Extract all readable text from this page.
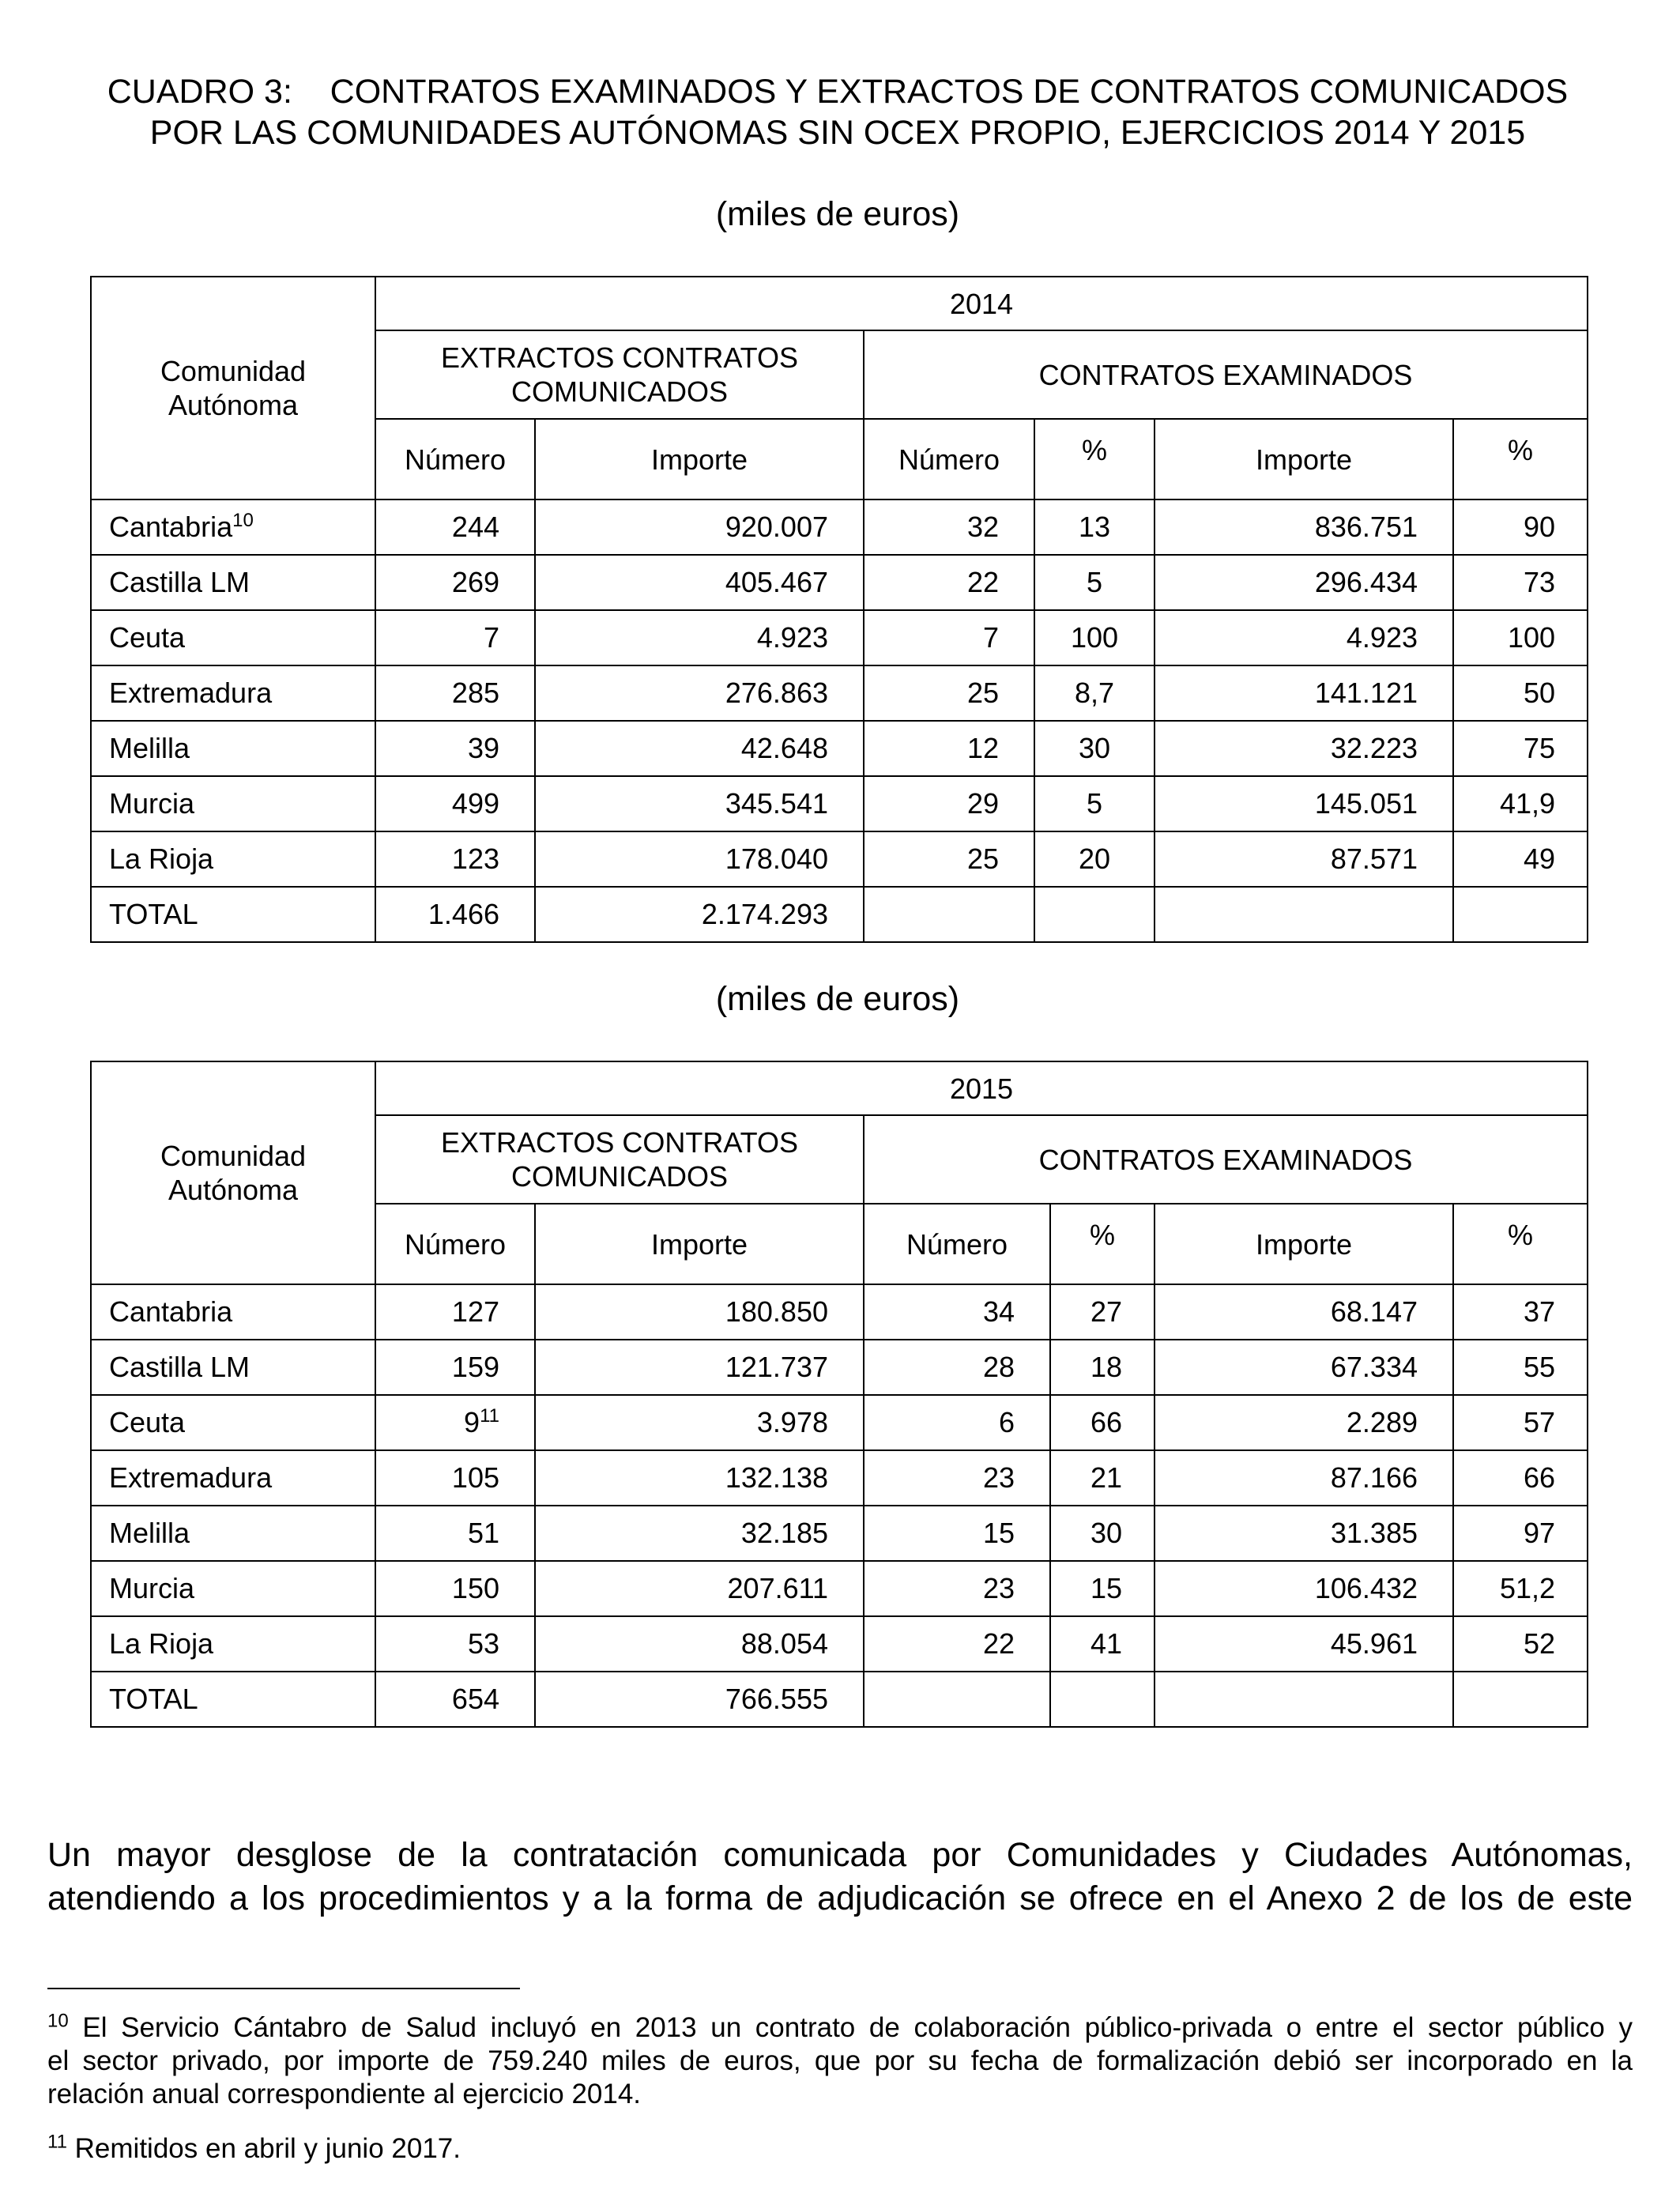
CUADRO 3:    CONTRATOS EXAMINADOS Y EXTRACTOS DE CONTRATOS COMUNICADOS
POR LAS COMUNIDADES AUTÓNOMAS SIN OCEX PROPIO, EJERCICIOS 2014 Y 2015
(miles de euros)
Comunidad Autónoma	2014					
	EXTRACTOS CONTRATOS COMUNICADOS		CONTRATOS EXAMINADOS			
	Número	Importe	Número	%	Importe	%
Cantabria$^{10}$	244	920.007	32	13	836.751	90
Castilla LM	269	405.467	22	5	296.434	73
Ceuta	7	4.923	7	100	4.923	100
Extremadura	285	276.863	25	8,7	141.121	50
Melilla	39	42.648	12	30	32.223	75
Murcia	499	345.541	29	5	145.051	41,9
La Rioja	123	178.040	25	20	87.571	49
TOTAL	1.466	2.174.293				
(miles de euros)
Comunidad Autónoma	2015					
	EXTRACTOS CONTRATOS COMUNICADOS		CONTRATOS EXAMINADOS			
	Número	Importe	Número	%	Importe	%
Cantabria	127	180.850	34	27	68.147	37
Castilla LM	159	121.737	28	18	67.334	55
Ceuta	$9^{11}$	3.978	6	66	2.289	57
Extremadura	105	132.138	23	21	87.166	66
Melilla	51	32.185	15	30	31.385	97
Murcia	150	207.611	23	15	106.432	51,2
La Rioja	53	88.054	22	41	45.961	52
TOTAL	654	766.555				
Un mayor desglose de la contratación comunicada por Comunidades y Ciudades Autónomas,
atendiendo a los procedimientos y a la forma de adjudicación se ofrece en el Anexo 2 de los de este
$^{10}$ El Servicio Cántabro de Salud incluyó en 2013 un contrato de colaboración público-privada o entre el sector público y
el sector privado, por importe de 759.240 miles de euros, que por su fecha de formalización debió ser incorporado en la
relación anual correspondiente al ejercicio 2014.
$^{11}$ Remitidos en abril y junio 2017.
